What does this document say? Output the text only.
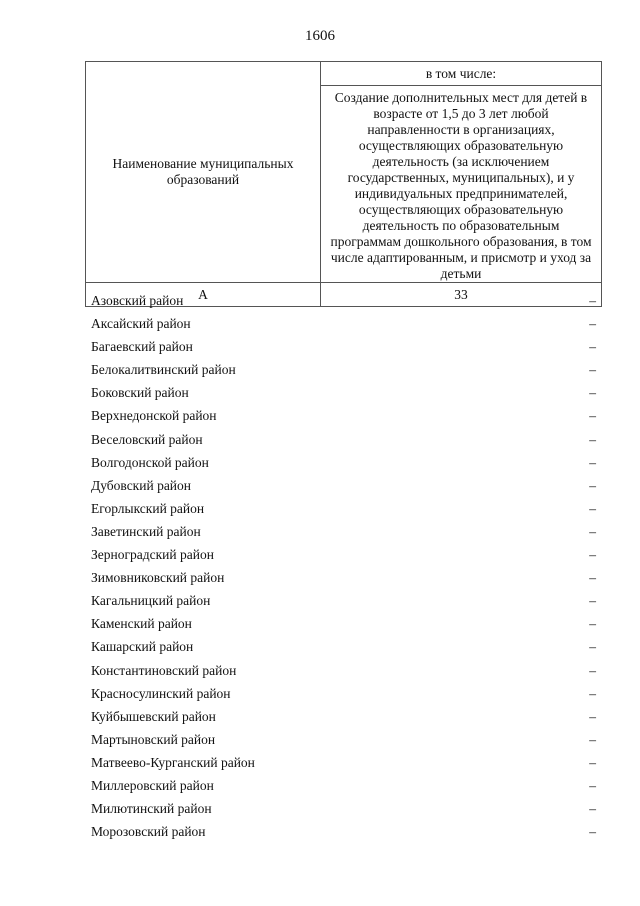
1606
Наименование муниципальных образований	в том числе:
	Создание дополнительных мест для детей в возрасте от 1,5 до 3 лет любой направленности в организациях, осуществляющих образовательную деятельность (за исключением государственных, муниципальных), и у индивидуальных предпринимателей, осуществляющих образовательную деятельность по образовательным программам дошкольного образования, в том числе адаптированным, и присмотр и уход за детьми
А	33
Азовский район	–
Аксайский район	–
Багаевский район	–
Белокалитвинский район	–
Боковский район	–
Верхнедонской район	–
Веселовский район	–
Волгодонской район	–
Дубовский район	–
Егорлыкский район	–
Заветинский район	–
Зерноградский район	–
Зимовниковский район	–
Кагальницкий район	–
Каменский район	–
Кашарский район	–
Константиновский район	–
Красносулинский район	–
Куйбышевский район	–
Мартыновский район	–
Матвеево-Курганский район	–
Миллеровский район	–
Милютинский район	–
Морозовский район	–
